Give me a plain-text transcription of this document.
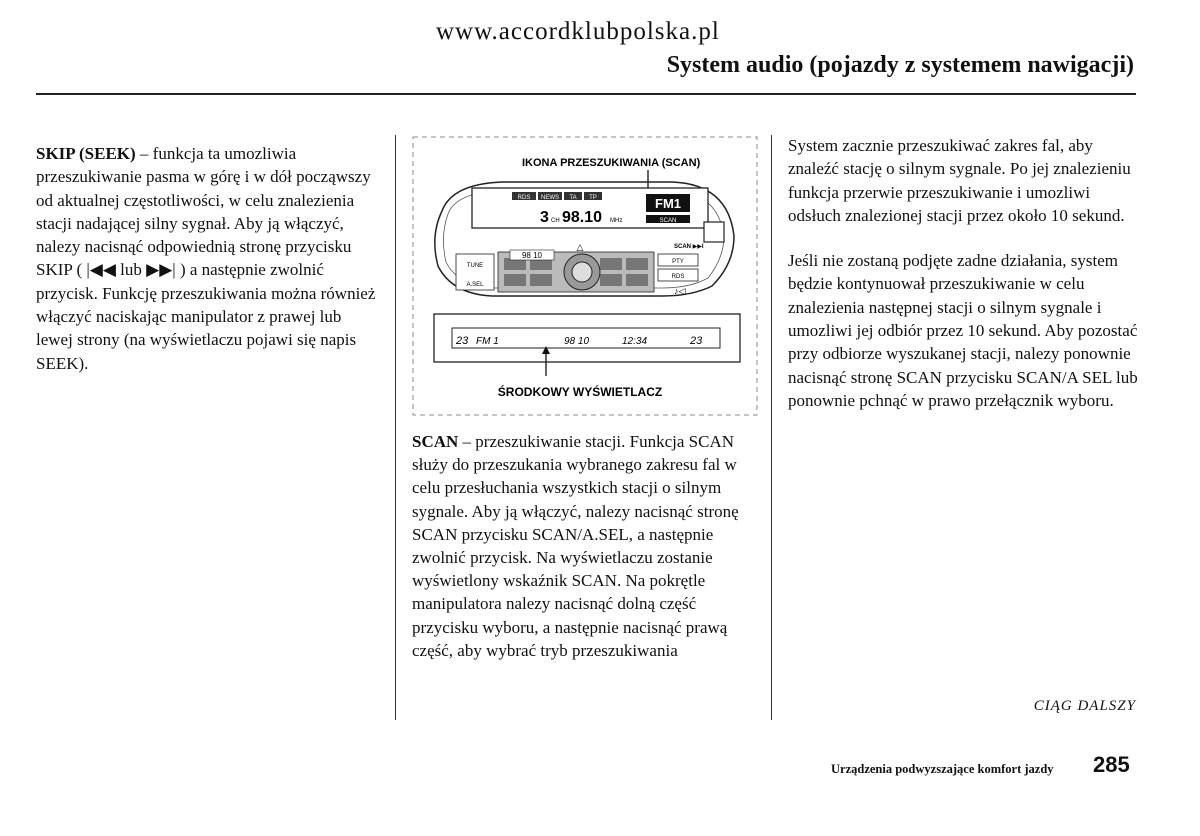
www.accordklubpolska.pl
System audio (pojazdy z systemem nawigacji)

SKIP (SEEK) – funkcja ta umozliwia przeszukiwanie pasma w górę i w dół począwszy od aktualnej częstotliwości, w celu znalezienia stacji nadającej silny sygnał. Aby ją włączyć, nalezy nacisnąć odpowiednią stronę przycisku SKIP ( |◀◀ lub ▶▶| ) a następnie zwolnić przycisk. Funkcję przeszukiwania można również włączyć naciskając manipulator z prawej lub lewej strony (na wyświetlaczu pojawi się napis SEEK).

IKONA PRZESZUKIWANIA (SCAN)
RDS NEWS TA TP
3 CH 98.10 MHz
FM1
SCAN
△	SCAN ▶▶I
PTY
RDS
♪◁
TUNE
A.SEL
98 10
23 FM 1	98 10	12:34	23
ŚRODKOWY WYŚWIETLACZ

SCAN – przeszukiwanie stacji. Funkcja SCAN służy do przeszukania wybranego zakresu fal w celu przesłuchania wszystkich stacji o silnym sygnale. Aby ją włączyć, nalezy nacisnąć stronę SCAN przycisku SCAN/A.SEL, a następnie zwolnić przycisk. Na wyświetlaczu zostanie wyświetlony wskaźnik SCAN. Na pokrętle manipulatora nalezy nacisnąć dolną część przycisku wyboru, a następnie nacisnąć prawą część, aby wybrać tryb przeszukiwania

System zacznie przeszukiwać zakres fal, aby znaleźć stację o silnym sygnale. Po jej znalezieniu funkcja przerwie przeszukiwanie i umozliwi odsłuch znalezionej stacji przez około 10 sekund.

Jeśli nie zostaną podjęte zadne działania, system będzie kontynuował przeszukiwanie w celu znalezienia następnej stacji o silnym sygnale i umozliwi jej odbiór przez 10 sekund. Aby pozostać przy odbiorze wyszukanej stacji, nalezy ponownie nacisnąć stronę SCAN przycisku SCAN/A SEL lub ponownie pchnąć w prawo przełącznik wyboru.

CIĄG DALSZY
Urządzenia podwyzszające komfort jazdy 285
